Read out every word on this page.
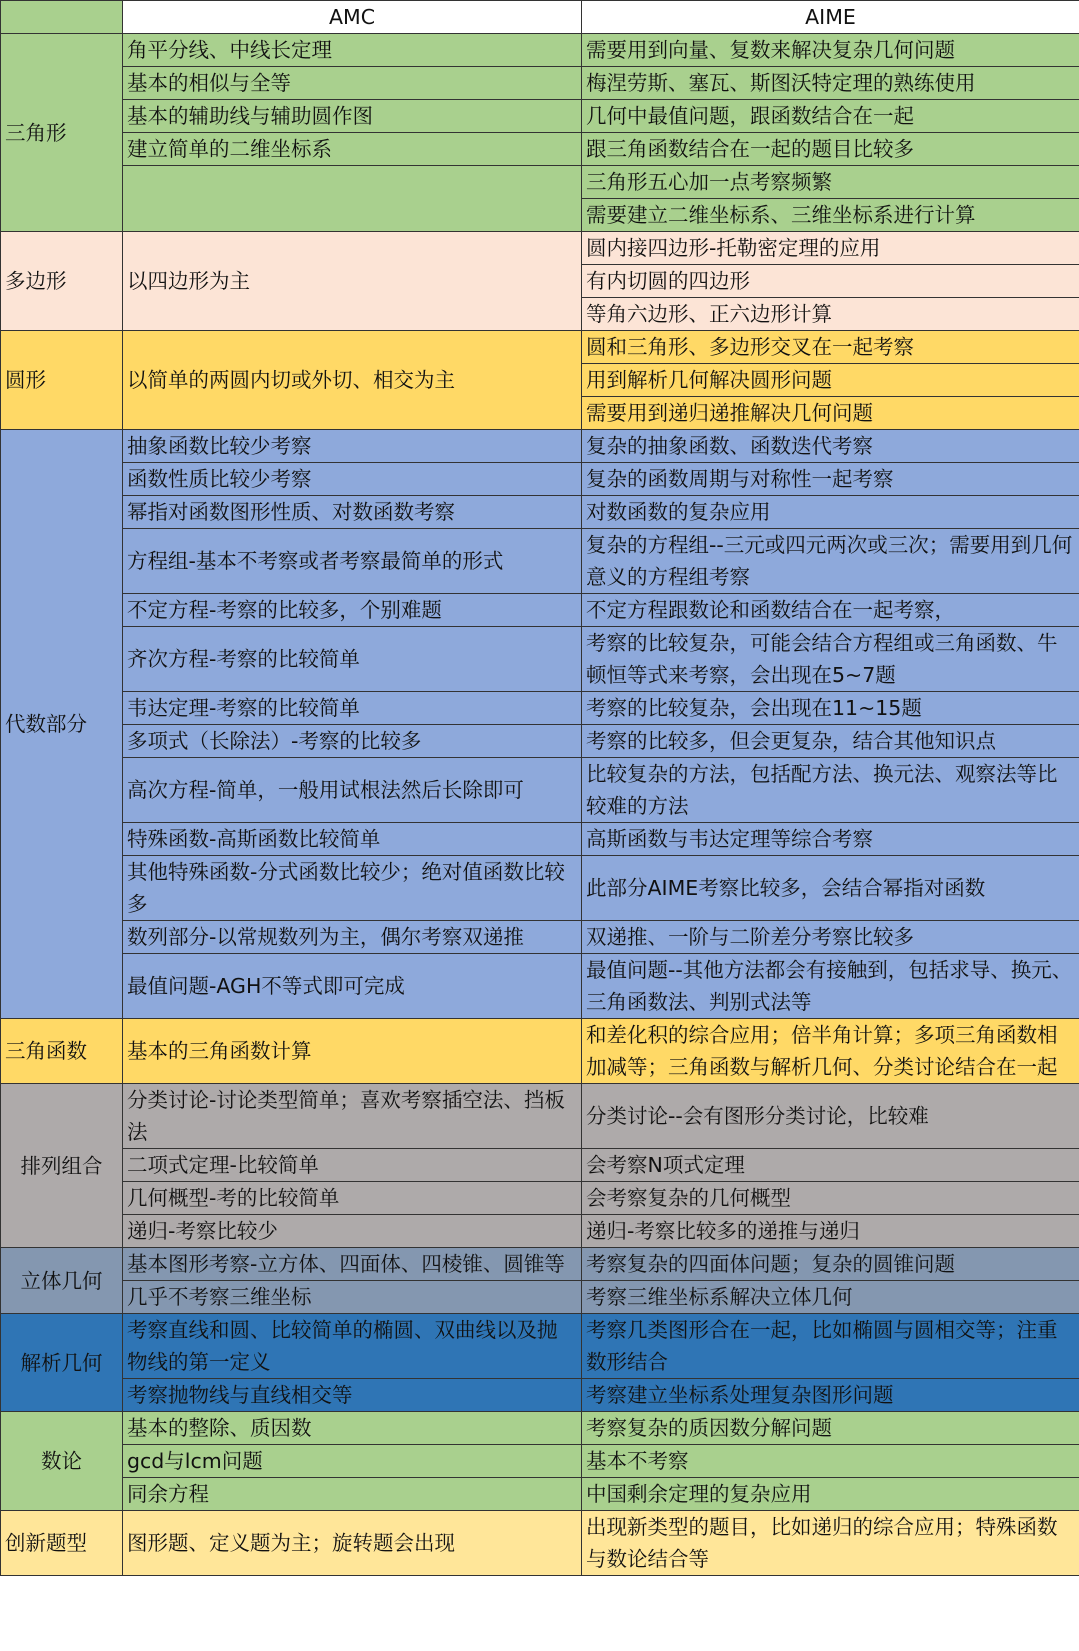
	AMC	AIME
三角形	角平分线、中线长定理	需要用到向量、复数来解决复杂几何问题
	基本的相似与全等	梅涅劳斯、塞瓦、斯图沃特定理的熟练使用
	基本的辅助线与辅助圆作图	几何中最值问题，跟函数结合在一起
	建立简单的二维坐标系	跟三角函数结合在一起的题目比较多
		三角形五心加一点考察频繁
		需要建立二维坐标系、三维坐标系进行计算
多边形	以四边形为主	圆内接四边形-托勒密定理的应用
		有内切圆的四边形
		等角六边形、正六边形计算
圆形	以简单的两圆内切或外切、相交为主	圆和三角形、多边形交叉在一起考察
		用到解析几何解决圆形问题
		需要用到递归递推解决几何问题
代数部分	抽象函数比较少考察	复杂的抽象函数、函数迭代考察
	函数性质比较少考察	复杂的函数周期与对称性一起考察
	幂指对函数图形性质、对数函数考察	对数函数的复杂应用
	方程组-基本不考察或者考察最简单的形式	复杂的方程组--三元或四元两次或三次；需要用到几何意义的方程组考察
	不定方程-考察的比较多，个别难题	不定方程跟数论和函数结合在一起考察，
	齐次方程-考察的比较简单	考察的比较复杂，可能会结合方程组或三角函数、牛顿恒等式来考察，会出现在5~7题
	韦达定理-考察的比较简单	考察的比较复杂，会出现在11~15题
	多项式（长除法）-考察的比较多	考察的比较多，但会更复杂，结合其他知识点
	高次方程-简单，一般用试根法然后长除即可	比较复杂的方法，包括配方法、换元法、观察法等比较难的方法
	特殊函数-高斯函数比较简单	高斯函数与韦达定理等综合考察
	其他特殊函数-分式函数比较少；绝对值函数比较多	此部分AIME考察比较多，会结合幂指对函数
	数列部分-以常规数列为主，偶尔考察双递推	双递推、一阶与二阶差分考察比较多
	最值问题-AGH不等式即可完成	最值问题--其他方法都会有接触到，包括求导、换元、三角函数法、判别式法等
三角函数	基本的三角函数计算	和差化积的综合应用；倍半角计算；多项三角函数相加减等；三角函数与解析几何、分类讨论结合在一起
排列组合	分类讨论-讨论类型简单；喜欢考察插空法、挡板法	分类讨论--会有图形分类讨论，比较难
	二项式定理-比较简单	会考察N项式定理
	几何概型-考的比较简单	会考察复杂的几何概型
	递归-考察比较少	递归-考察比较多的递推与递归
立体几何	基本图形考察-立方体、四面体、四棱锥、圆锥等	考察复杂的四面体问题；复杂的圆锥问题
	几乎不考察三维坐标	考察三维坐标系解决立体几何
解析几何	考察直线和圆、比较简单的椭圆、双曲线以及抛物线的第一定义	考察几类图形合在一起，比如椭圆与圆相交等；注重数形结合
	考察抛物线与直线相交等	考察建立坐标系处理复杂图形问题
数论	基本的整除、质因数	考察复杂的质因数分解问题
	gcd与lcm问题	基本不考察
	同余方程	中国剩余定理的复杂应用
创新题型	图形题、定义题为主；旋转题会出现	出现新类型的题目，比如递归的综合应用；特殊函数与数论结合等
